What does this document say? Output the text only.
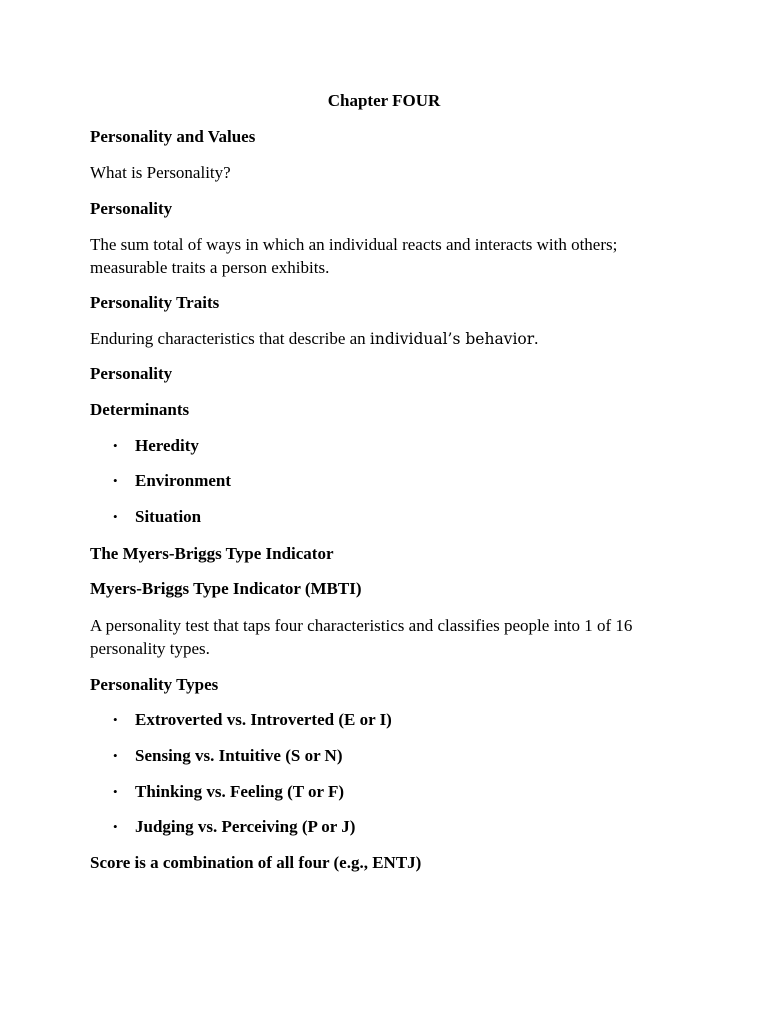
Chapter FOUR

Personality and Values

What is Personality?

Personality

The sum total of ways in which an individual reacts and interacts with others; measurable traits a person exhibits.

Personality Traits

Enduring characteristics that describe an individual’s behavior.

Personality

Determinants

• Heredity

• Environment

• Situation

The Myers-Briggs Type Indicator

Myers-Briggs Type Indicator (MBTI)

A personality test that taps four characteristics and classifies people into 1 of 16 personality types.

Personality Types

• Extroverted vs. Introverted (E or I)

• Sensing vs. Intuitive (S or N)

• Thinking vs. Feeling (T or F)

• Judging vs. Perceiving (P or J)

Score is a combination of all four (e.g., ENTJ)
